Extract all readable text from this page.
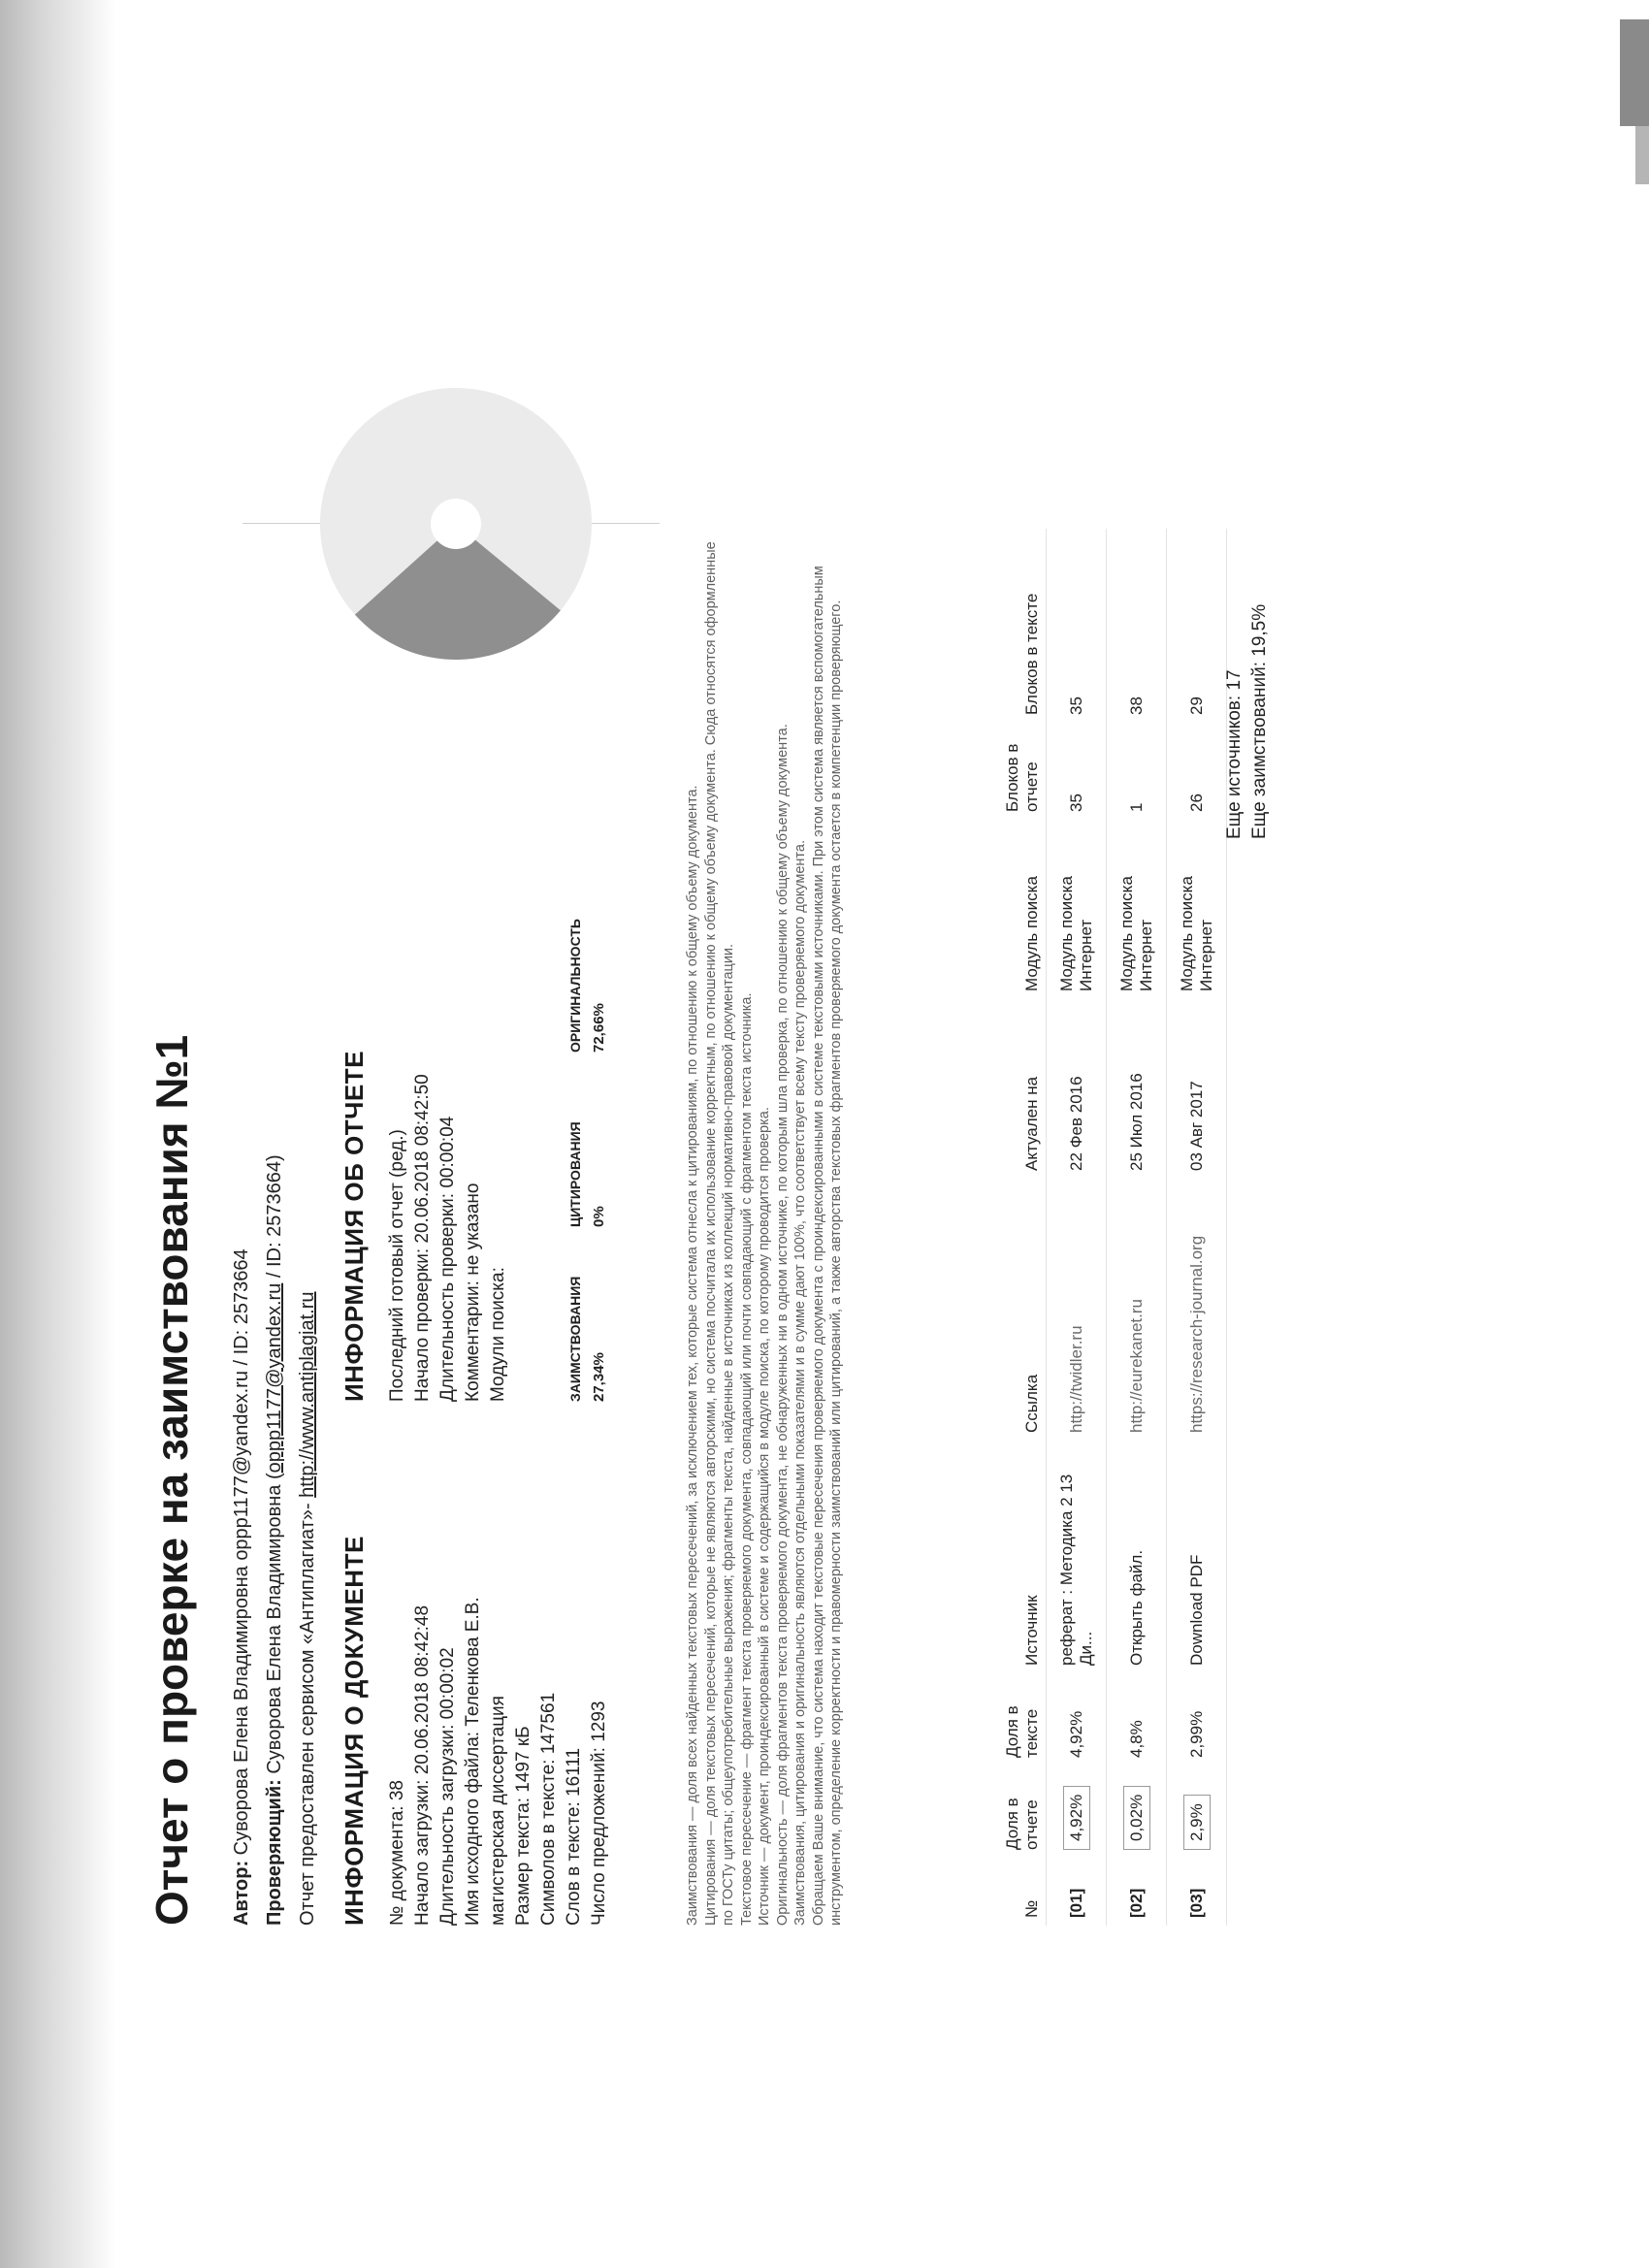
Отчет о проверке на заимствования №1	Автор: Суворова Елена Владимировна oppp1177@yandex.ru / ID: 2573664 Проверяющий: Суворова Елена Владимировна (oppp1177@yandex.ru / ID: 2573664)
Отчет предоставлен сервисом «Антиплагиат»- http://www.antiplagiat.ru
ИНФОРМАЦИЯ О ДОКУМЕНТЕ № документа: 38 Начало загрузки: 20.06.2018 08:42:48 Длительность загрузки: 00:00:02 Имя исходного файла: Теленкова Е.В. магистерская диссертация Размер текста: 1497 кБ Символов в тексте: 147561 Слов в тексте: 16111 Число предложений: 1293
ИНФОРМАЦИЯ ОБ ОТЧЕТЕ Последний готовый отчет (ред.) Начало проверки: 20.06.2018 08:42:50 Длительность проверки: 00:00:04 Комментарии: не указано Модули поиска:	ЗАИМСТВОВАНИЯ 27,34%
ЦИТИРОВАНИЯ 0%
ОРИГИНАЛЬНОСТЬ 72,66%	Заимствования — доля всех найденных текстовых пересечений, за исключением тех, которые система отнесла к цитированиям, по отношению к общему объему документа. Цитирования — доля текстовых пересечений, которые не являются авторскими, но система посчитала их использование корректным, по отношению к общему объему документа. Сюда относятся оформленные по ГОСТу цитаты; общеупотребительные выражения; фрагменты текста, найденные в источниках из коллекций нормативно-правовой документации. Текстовое пересечение — фрагмент текста проверяемого документа, совпадающий или почти совпадающий с фрагментом текста источника. Источник — документ, проиндексированный в системе и содержащийся в модуле поиска, по которому проводится проверка. Оригинальность — доля фрагментов текста проверяемого документа, не обнаруженных ни в одном источнике, по которым шла проверка, по отношению к общему объему документа. Заимствования, цитирования и оригинальность являются отдельными показателями и в сумме дают 100%, что соответствует всему тексту проверяемого документа. Обращаем Ваше внимание, что система находит текстовые пересечения проверяемого документа с проиндексированными в системе текстовыми источниками. При этом система является вспомогательным инструментом, определение корректности и правомерности заимствований или цитирований, а также авторства текстовых фрагментов проверяемого документа остается в компетенции проверяющего.	№	Доля в отчете	Доля в тексте	Источник	Ссылка	Актуален на	Модуль поиска	Блоков в отчете	Блоков в тексте
[01]	4,92%	4,92%	реферат : Методика 2 13 Ди...	http://twidler.ru	22 Фев 2016	Модуль поиска Интернет	35	35
[02]	0,02%	4,8%	Открыть файл.	http://eurekanet.ru	25 Июл 2016	Модуль поиска Интернет	1	38
[03]	2,9%	2,99%	Download PDF	https://research-journal.org	03 Авг 2017	Модуль поиска Интернет	26	29 Еще источников: 17 Еще заимствований: 19,5%
